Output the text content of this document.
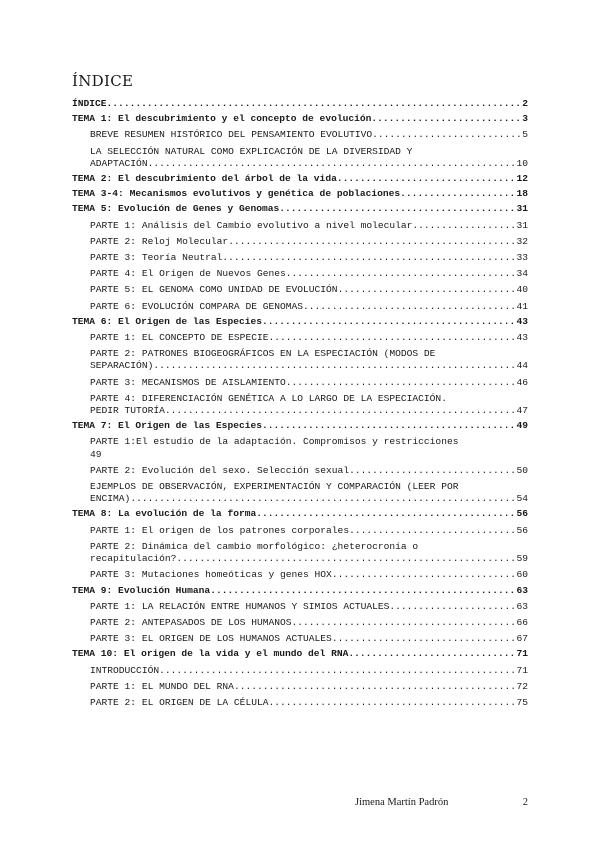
ÍNDICE
ÍNDICE .....	2
TEMA 1: El descubrimiento y el concepto de evolución .....	3
BREVE RESUMEN HISTÓRICO DEL PENSAMIENTO EVOLUTIVO .....	5
LA SELECCIÓN NATURAL COMO EXPLICACIÓN DE LA DIVERSIDAD Y
ADAPTACIÓN .....	10
TEMA 2: El descubrimiento del árbol de la vida .....	12
TEMA 3-4: Mecanismos evolutivos y genética de poblaciones .....	18
TEMA 5: Evolución de Genes y Genomas .....	31
PARTE 1: Análisis del Cambio evolutivo a nivel molecular .....	31
PARTE 2: Reloj Molecular .....	32
PARTE 3: Teoría Neutral .....	33
PARTE 4: El Origen de Nuevos Genes .....	34
PARTE 5: EL GENOMA COMO UNIDAD DE EVOLUCIÓN .....	40
PARTE 6: EVOLUCIÓN COMPARA DE GENOMAS .....	41
TEMA 6: El Origen de las Especies .....	43
PARTE 1: EL CONCEPTO DE ESPECIE .....	43
PARTE 2: PATRONES BIOGEOGRÁFICOS EN LA ESPECIACIÓN (MODOS DE
SEPARACIÓN) .....	44
PARTE 3: MECANISMOS DE AISLAMIENTO .....	46
PARTE 4: DIFERENCIACIÓN GENÉTICA A LO LARGO DE LA ESPECIACIÓN.
PEDIR TUTORÍA .....	47
TEMA 7: El Origen de las Especies .....	49
PARTE 1:El estudio de la adaptación. Compromisos y restricciones
49
PARTE 2: Evolución del sexo. Selección sexual .....	50
EJEMPLOS DE OBSERVACIÓN, EXPERIMENTACIÓN Y COMPARACIÓN (LEER POR
ENCIMA) .....	54
TEMA 8: La evolución de la forma .....	56
PARTE 1: El origen de los patrones corporales .....	56
PARTE 2: Dinámica del cambio morfológico: ¿heterocronía o
recapitulación? .....	59
PARTE 3: Mutaciones homeóticas y genes HOX .....	60
TEMA 9: Evolución Humana .....	63
PARTE 1: LA RELACIÓN ENTRE HUMANOS Y SIMIOS ACTUALES .....	63
PARTE 2: ANTEPASADOS DE LOS HUMANOS .....	66
PARTE 3: EL ORIGEN DE LOS HUMANOS ACTUALES .....	67
TEMA 10: El origen de la vida y el mundo del RNA .....	71
INTRODUCCIÓN .....	71
PARTE 1: EL MUNDO DEL RNA .....	72
PARTE 2: EL ORIGEN DE LA CÉLULA .....	75
Jimena Martín Padrón	2
